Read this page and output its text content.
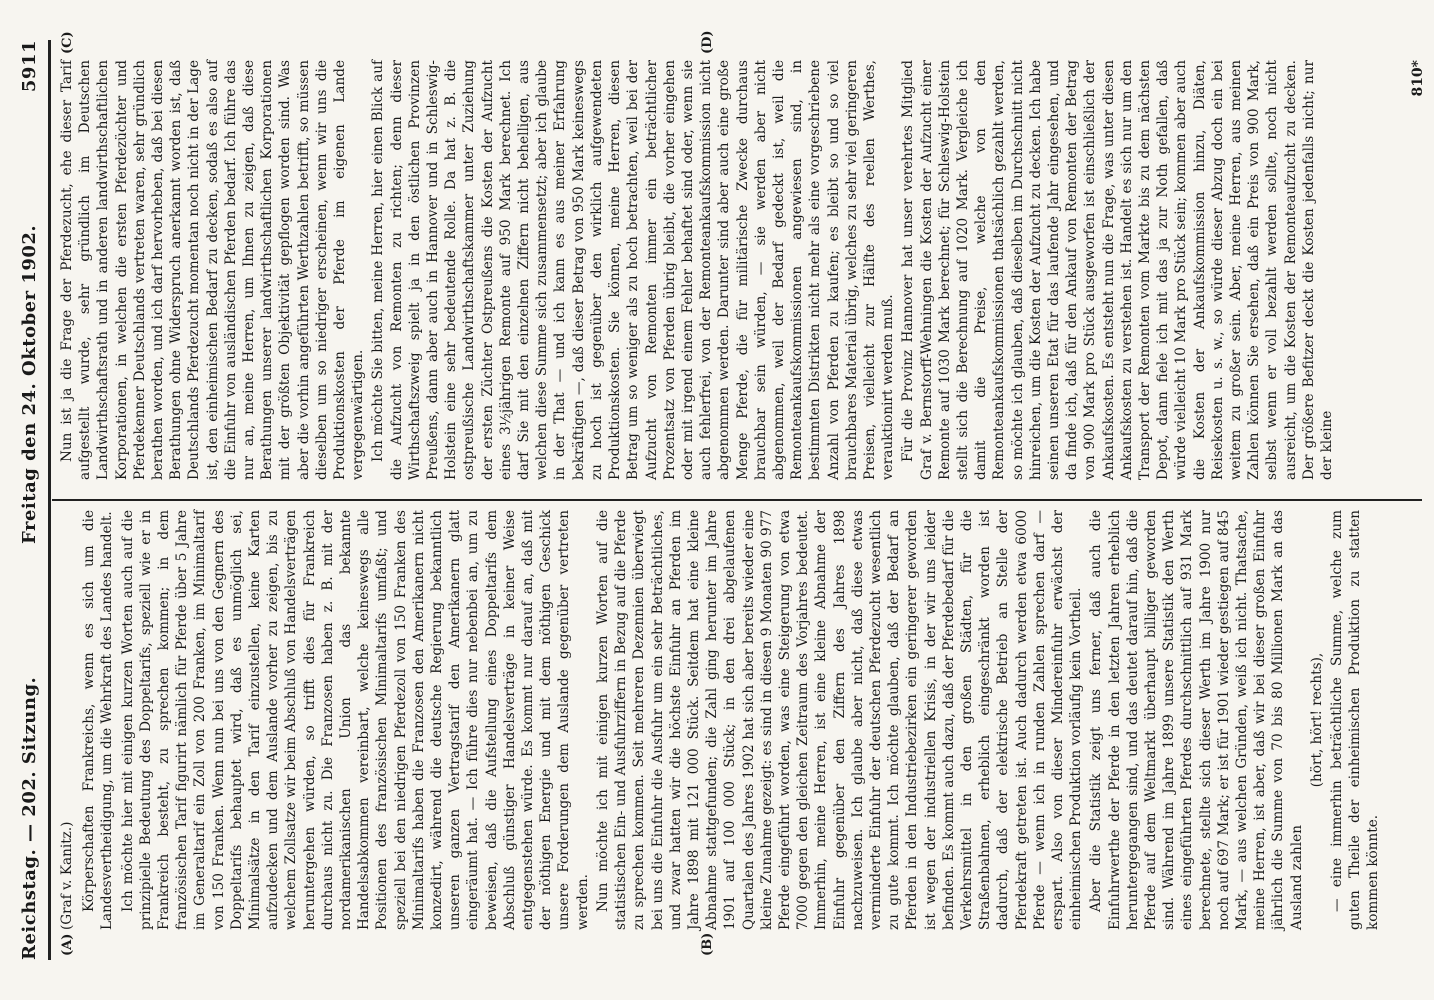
Reichstag. — 202. Sitzung.
Freitag den 24. Oktober 1902.
5911
(A)	(B)
(C)	(D)

(Graf v. Kanitz.) Körperschaften Frankreichs, wenn es sich um die Landesvertheidigung, um die Wehrkraft des Landes handelt. Ich möchte hier mit einigen kurzen Worten auch auf die prinzipielle Bedeutung des Doppeltarifs, speziell wie er in Frankreich besteht, zu sprechen kommen; in dem französischen Tarif figurirt nämlich für Pferde über 5 Jahre im Generaltarif ein Zoll von 200 Franken, im Minimaltarif von 150 Franken. Wenn nun bei uns von den Gegnern des Doppeltarifs behauptet wird, daß es unmöglich sei, Minimalsätze in den Tarif einzustellen, keine Karten aufzudecken und dem Auslande vorher zu zeigen, bis zu welchem Zollsatze wir beim Abschluß von Handelsverträgen heruntergehen würden, so trifft dies für Frankreich durchaus nicht zu. Die Franzosen haben z. B. mit der nordamerikanischen Union das bekannte Handelsabkommen vereinbart, welche keineswegs alle Positionen des französischen Minimaltarifs umfaßt; und speziell bei den niedrigen Pferdezoll von 150 Franken des Minimaltarifs haben die Franzosen den Amerikanern nicht konzedirt, während die deutsche Regierung bekanntlich unseren ganzen Vertragstarif den Amerikanern glatt eingeräumt hat. — Ich führe dies nur nebenbei an, um zu beweisen, daß die Aufstellung eines Doppeltarifs dem Abschluß günstiger Handelsverträge in keiner Weise entgegenstehen würde. Es kommt nur darauf an, daß mit der nöthigen Energie und mit dem nöthigen Geschick unsere Forderungen dem Auslande gegenüber vertreten werden. Nun möchte ich mit einigen kurzen Worten auf die statistischen Ein- und Ausfuhrziffern in Bezug auf die Pferde zu sprechen kommen. Seit mehreren Dezennien überwiegt bei uns die Einfuhr die Ausfuhr um ein sehr Beträchtliches, und zwar hatten wir die höchste Einfuhr an Pferden im Jahre 1898 mit 121 000 Stück. Seitdem hat eine kleine Abnahme stattgefunden; die Zahl ging herunter im Jahre 1901 auf 100 000 Stück; in den drei abgelaufenen Quartalen des Jahres 1902 hat sich aber bereits wieder eine kleine Zunahme gezeigt: es sind in diesen 9 Monaten 90 977 Pferde eingeführt worden, was eine Steigerung von etwa 7000 gegen den gleichen Zeitraum des Vorjahres bedeutet. Immerhin, meine Herren, ist eine kleine Abnahme der Einfuhr gegenüber den Ziffern des Jahres 1898 nachzuweisen. Ich glaube aber nicht, daß diese etwas verminderte Einfuhr der deutschen Pferdezucht wesentlich zu gute kommt. Ich möchte glauben, daß der Bedarf an Pferden in den Industriebezirken ein geringerer geworden ist wegen der industriellen Krisis, in der wir uns leider befinden. Es kommt auch dazu, daß der Pferdebedarf für die Verkehrsmittel in den großen Städten, für die Straßenbahnen, erheblich eingeschränkt worden ist dadurch, daß der elektrische Betrieb an Stelle der Pferdekraft getreten ist. Auch dadurch werden etwa 6000 Pferde — wenn ich in runden Zahlen sprechen darf — erspart. Also von dieser Mindereinfuhr erwächst der einheimischen Produktion vorläufig kein Vortheil. Aber die Statistik zeigt uns ferner, daß auch die Einfuhrwerthe der Pferde in den letzten Jahren erheblich heruntergegangen sind, und das deutet darauf hin, daß die Pferde auf dem Weltmarkt überhaupt billiger geworden sind. Während im Jahre 1899 unsere Statistik den Werth eines eingeführten Pferdes durchschnittlich auf 931 Mark berechnete, stellte sich dieser Werth im Jahre 1900 nur noch auf 697 Mark; er ist für 1901 wieder gestiegen auf 845 Mark, — aus welchen Gründen, weiß ich nicht. Thatsache, meine Herren, ist aber, daß wir bei dieser großen Einfuhr jährlich die Summe von 70 bis 80 Millionen Mark an das Ausland zahlen

(hört, hört! rechts), — eine immerhin beträchtliche Summe, welche zum guten Theile der einheimischen Produktion zu statten kommen könnte.

Nun ist ja die Frage der Pferdezucht, ehe dieser Tarif aufgestellt wurde, sehr gründlich im Deutschen Landwirthschaftsrath und in anderen landwirthschaftlichen Korporationen, in welchen die ersten Pferdezüchter und Pferdekenner Deutschlands vertreten waren, sehr gründlich berathen worden, und ich darf hervorheben, daß bei diesen Berathungen ohne Widerspruch anerkannt worden ist, daß Deutschlands Pferdezucht momentan noch nicht in der Lage ist, den einheimischen Bedarf zu decken, sodaß es also auf die Einfuhr von ausländischen Pferden bedarf. Ich führe das nur an, meine Herren, um Ihnen zu zeigen, daß diese Berathungen unserer landwirthschaftlichen Korporationen mit der größten Objektivität gepflogen worden sind. Was aber die vorhin angeführten Werthzahlen betrifft, so müssen dieselben um so niedriger erscheinen, wenn wir uns die Produktionskosten der Pferde im eigenen Lande vergegenwärtigen. Ich möchte Sie bitten, meine Herren, hier einen Blick auf die Aufzucht von Remonten zu richten; denn dieser Wirthschaftszweig spielt ja in den östlichen Provinzen Preußens, dann aber auch in Hannover und in Schleswig-Holstein eine sehr bedeutende Rolle. Da hat z. B. die ostpreußische Landwirthschaftskammer unter Zuziehung der ersten Züchter Ostpreußens die Kosten der Aufzucht eines 3½jährigen Remonte auf 950 Mark berechnet. Ich darf Sie mit den einzelnen Ziffern nicht behelligen, aus welchen diese Summe sich zusammensetzt; aber ich glaube in der That — und ich kann es aus meiner Erfahrung bekräftigen —, daß dieser Betrag von 950 Mark keineswegs zu hoch ist gegenüber den wirklich aufgewendeten Produktionskosten. Sie können, meine Herren, diesen Betrag um so weniger als zu hoch betrachten, weil bei der Aufzucht von Remonten immer ein beträchtlicher Prozentsatz von Pferden übrig bleibt, die vorher eingehen oder mit irgend einem Fehler behaftet sind oder, wenn sie auch fehlerfrei, von der Remonteankaufskommission nicht abgenommen werden. Darunter sind aber auch eine große Menge Pferde, die für militärische Zwecke durchaus brauchbar sein würden, — sie werden aber nicht abgenommen, weil der Bedarf gedeckt ist, weil die Remonteankaufskommissionen angewiesen sind, in bestimmten Distrikten nicht mehr als eine vorgeschriebene Anzahl von Pferden zu kaufen; es bleibt so und so viel brauchbares Material übrig, welches zu sehr viel geringeren Preisen, vielleicht zur Hälfte des reellen Werthes, verauktionirt werden muß. Für die Provinz Hannover hat unser verehrtes Mitglied Graf v. Bernstorff-Wehningen die Kosten der Aufzucht einer Remonte auf 1030 Mark berechnet; für Schleswig-Holstein stellt sich die Berechnung auf 1020 Mark. Vergleiche ich damit die Preise, welche von den Remonteankaufskommissionen thatsächlich gezahlt werden, so möchte ich glauben, daß dieselben im Durchschnitt nicht hinreichen, um die Kosten der Aufzucht zu decken. Ich habe seinen unseren Etat für das laufende Jahr eingesehen, und da finde ich, daß für den Ankauf von Remonten der Betrag von 900 Mark pro Stück ausgeworfen ist einschließlich der Ankaufskosten. Es entsteht nun die Frage, was unter diesen Ankaufskosten zu verstehen ist. Handelt es sich nur um den Transport der Remonten vom Markte bis zu dem nächsten Depot, dann fiele ich mit das ja zur Noth gefallen, daß würde vielleicht 10 Mark pro Stück sein; kommen aber auch die Kosten der Ankaufskommission hinzu, Diäten, Reisekosten u. s. w., so würde dieser Abzug doch ein bei weitem zu großer sein. Aber, meine Herren, aus meinen Zahlen können Sie ersehen, daß ein Preis von 900 Mark, selbst wenn er voll bezahlt werden sollte, noch nicht ausreicht, um die Kosten der Remonteaufzucht zu decken. Der größere Befitzer deckt die Kosten jedenfalls nicht; nur der kleine

810*
